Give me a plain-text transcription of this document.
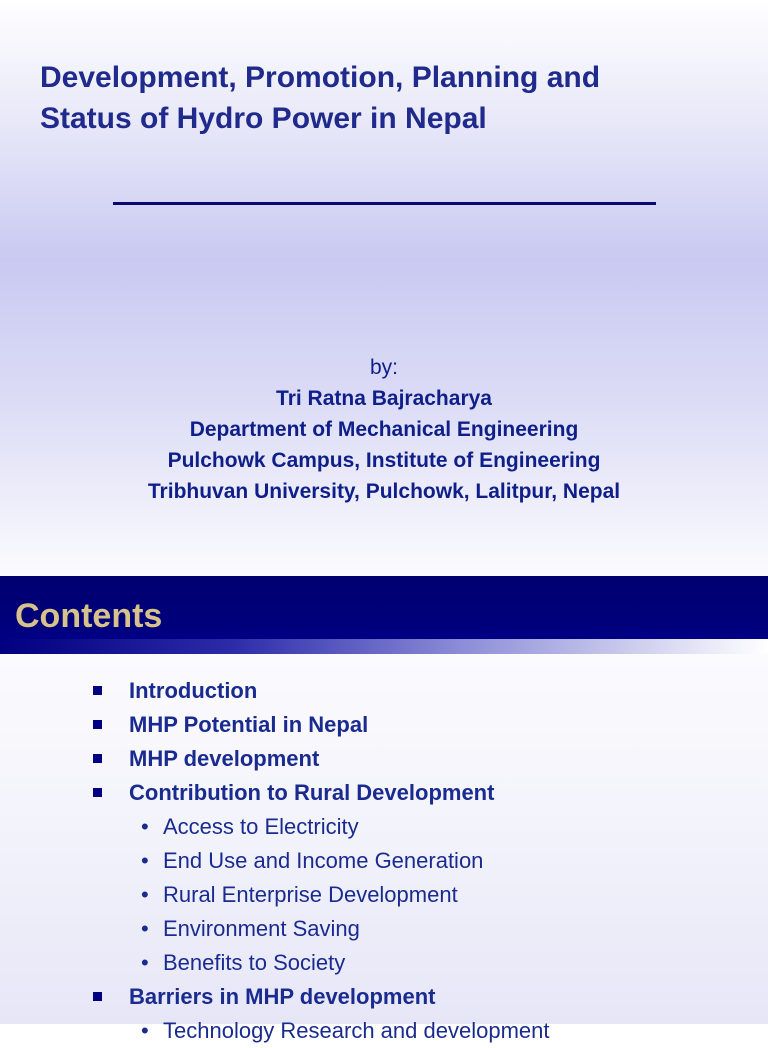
Development, Promotion, Planning and
Status of Hydro Power in Nepal
by:
Tri Ratna Bajracharya
Department of Mechanical Engineering
Pulchowk Campus, Institute of Engineering
Tribhuvan University, Pulchowk, Lalitpur, Nepal
Contents
Introduction
MHP Potential in Nepal
MHP development
Contribution to Rural Development
• Access to Electricity
• End Use and Income Generation
• Rural Enterprise Development
• Environment Saving
• Benefits to Society
Barriers in MHP development
• Technology Research and development
